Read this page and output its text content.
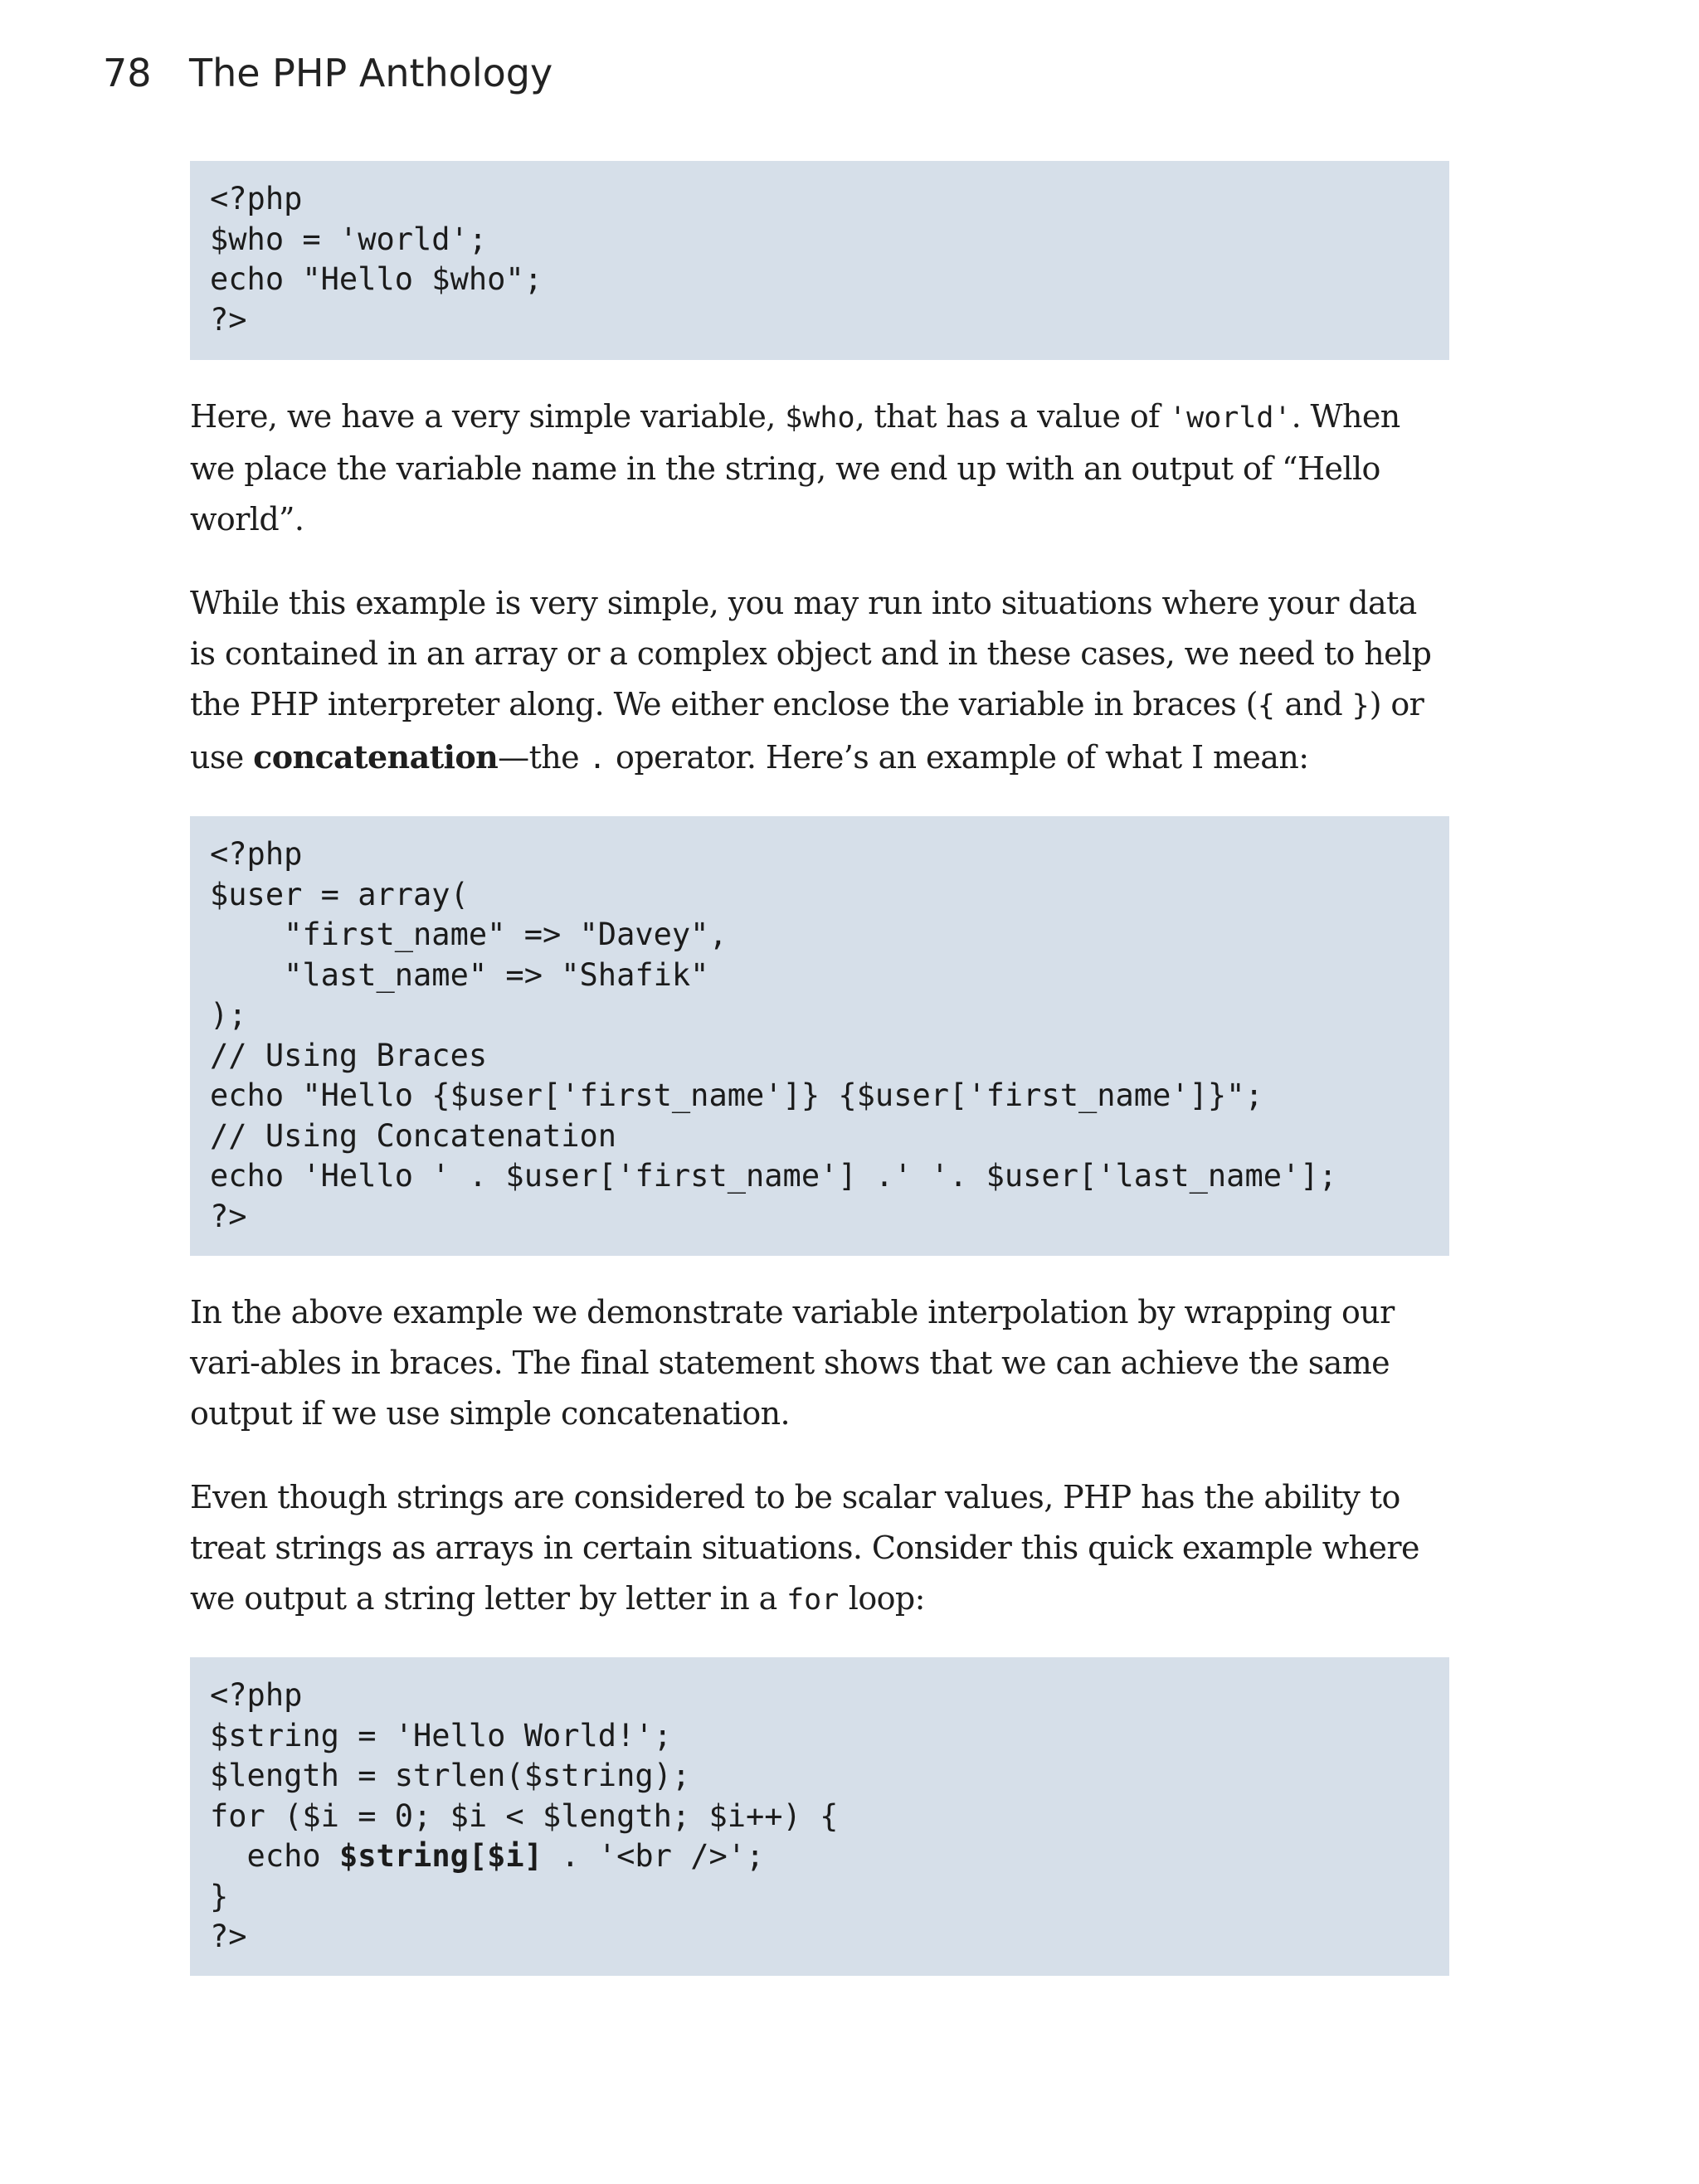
78 The PHP Anthology
<?php
$who = 'world';
echo "Hello $who";
?>

Here, we have a very simple variable, $who, that has a value of 'world'. When we place the variable name in the string, we end up with an output of “Hello world”.

While this example is very simple, you may run into situations where your data is contained in an array or a complex object and in these cases, we need to help the PHP interpreter along. We either enclose the variable in braces ({ and }) or use concatenation—the . operator. Here’s an example of what I mean:

<?php
$user = array(
"first_name" => "Davey",
"last_name" => "Shafik"
);
// Using Braces
echo "Hello {$user['first_name']} {$user['first_name']}";
// Using Concatenation
echo 'Hello ' . $user['first_name'] .' '. $user['last_name'];
?>

In the above example we demonstrate variable interpolation by wrapping our vari-ables in braces. The final statement shows that we can achieve the same output if we use simple concatenation.

Even though strings are considered to be scalar values, PHP has the ability to treat strings as arrays in certain situations. Consider this quick example where we output a string letter by letter in a for loop:

<?php
$string = 'Hello World!';
$length = strlen($string);
for ($i = 0; $i < $length; $i++) {
echo $string[$i] . '<br />';
}
?>
